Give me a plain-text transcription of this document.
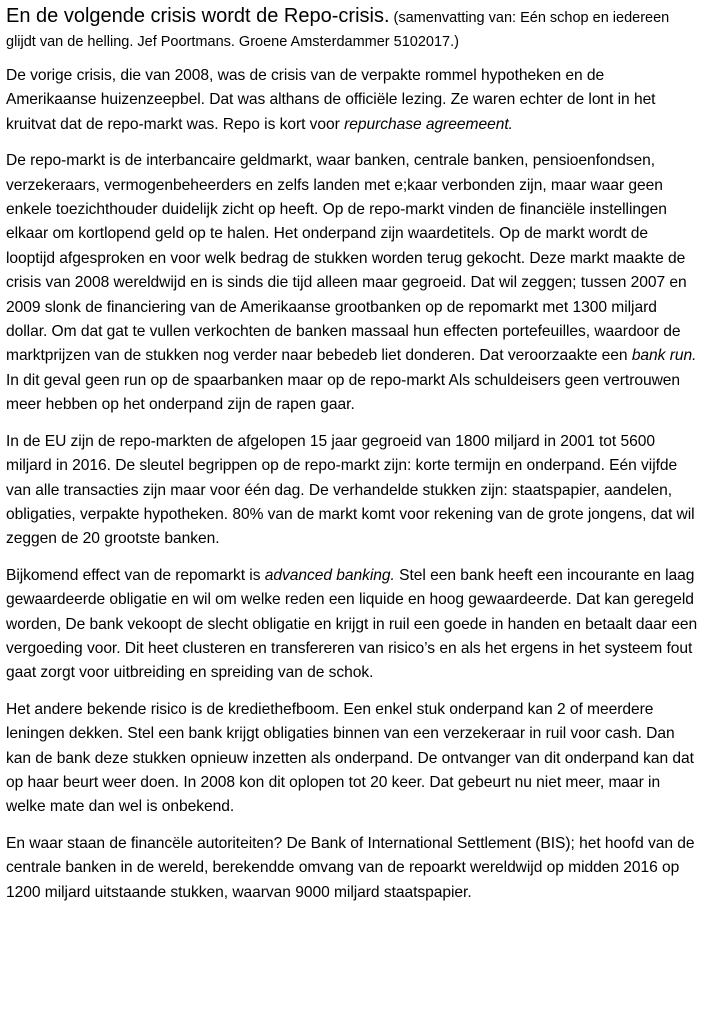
En de volgende crisis wordt de Repo-crisis. (samenvatting van: Eén schop en iedereen glijdt van de helling. Jef Poortmans. Groene Amsterdammer 5102017.)

De vorige crisis, die van 2008, was de crisis van de verpakte rommel hypotheken en de Amerikaanse huizenzeepbel. Dat was althans de officiële lezing. Ze waren echter de lont in het kruitvat dat de repo-markt was. Repo is kort voor repurchase agreemeent.

De repo-markt is de interbancaire geldmarkt, waar banken, centrale banken, pensioenfondsen, verzekeraars, vermogenbeheerders en zelfs landen met e;kaar verbonden zijn, maar waar geen enkele toezichthouder duidelijk zicht op heeft. Op de repo-markt vinden de financiële instellingen elkaar om kortlopend geld op te halen. Het onderpand zijn waardetitels. Op de markt wordt de looptijd afgesproken en voor welk bedrag de stukken worden terug gekocht. Deze markt maakte de crisis van 2008 wereldwijd en is sinds die tijd alleen maar gegroeid. Dat wil zeggen; tussen 2007 en 2009 slonk de financiering van de Amerikaanse grootbanken op de repomarkt met 1300 miljard dollar. Om dat gat te vullen verkochten de banken massaal hun effecten portefeuilles, waardoor de marktprijzen van de stukken nog verder naar bebedeb liet donderen. Dat veroorzaakte een bank run. In dit geval geen run op de spaarbanken maar op de repo-markt Als schuldeisers geen vertrouwen meer hebben op het onderpand zijn de rapen gaar.

In de EU zijn de repo-markten de afgelopen 15 jaar gegroeid van 1800 miljard in 2001 tot 5600 miljard in 2016. De sleutel begrippen op de repo-markt zijn: korte termijn en onderpand. Eén vijfde van alle transacties zijn maar voor één dag. De verhandelde stukken zijn: staatspapier, aandelen, obligaties, verpakte hypotheken. 80% van de markt komt voor rekening van de grote jongens, dat wil zeggen de 20 grootste banken.

Bijkomend effect van de repomarkt is advanced banking. Stel een bank heeft een incourante en laag gewaardeerde obligatie en wil om welke reden een liquide en hoog gewaardeerde. Dat kan geregeld worden, De bank vekoopt de slecht obligatie en krijgt in ruil een goede in handen en betaalt daar een vergoeding voor. Dit heet clusteren en transfereren van risico’s en als het ergens in het systeem fout gaat zorgt voor uitbreiding en spreiding van de schok.

Het andere bekende risico is de krediethefboom. Een enkel stuk onderpand kan 2 of meerdere leningen dekken. Stel een bank krijgt obligaties binnen van een verzekeraar in ruil voor cash. Dan kan de bank deze stukken opnieuw inzetten als onderpand. De ontvanger van dit onderpand kan dat op haar beurt weer doen. In 2008 kon dit oplopen tot 20 keer. Dat gebeurt nu niet meer, maar in welke mate dan wel is onbekend.

En waar staan de financële autoriteiten? De Bank of International Settlement (BIS); het hoofd van de centrale banken in de wereld, berekendde omvang van de repoarkt wereldwijd op midden 2016 op 1200 miljard uitstaande stukken, waarvan 9000 miljard staatspapier.
